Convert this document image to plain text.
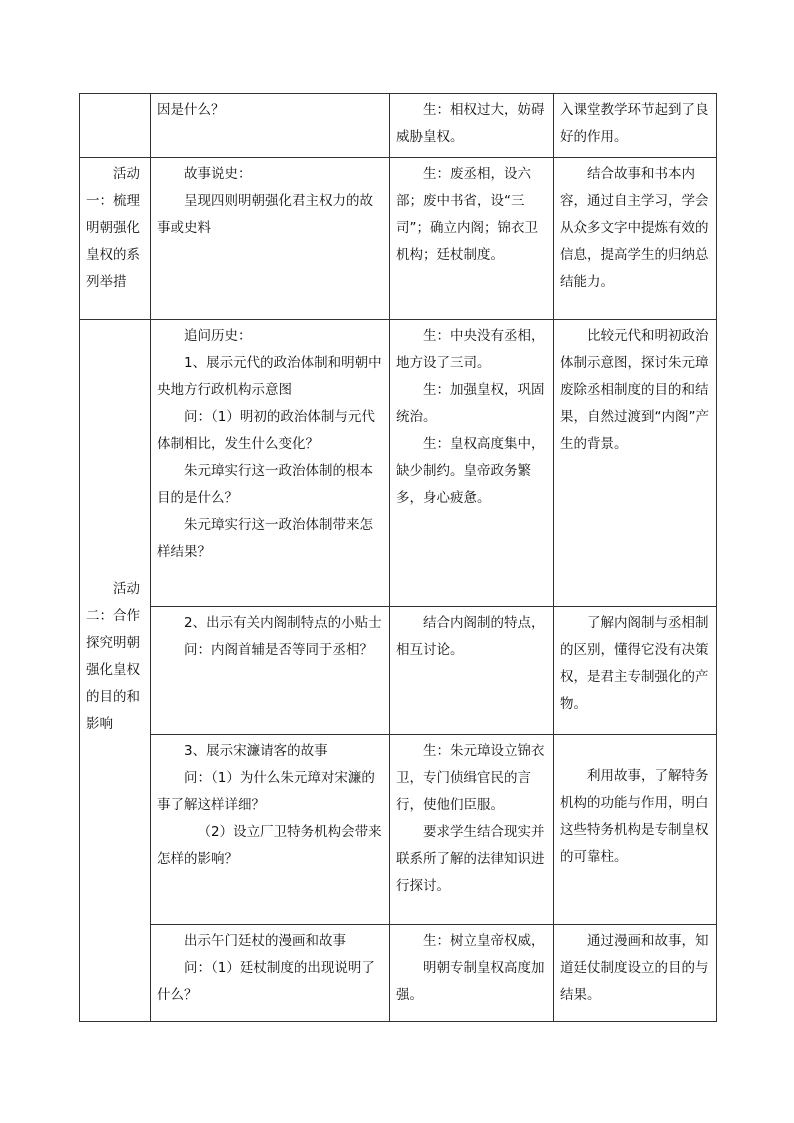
	因是什么？	生：相权过大，妨碍威胁皇权。	入课堂教学环节起到了良好的作用。

活动一：梳理明朝强化皇权的系列举措	故事说史：
呈现四则明朝强化君主权力的故事或史料	生：废丞相，设六部；废中书省，设“三司”；确立内阁；锦衣卫机构；廷杖制度。	结合故事和书本内容，通过自主学习，学会从众多文字中提炼有效的信息，提高学生的归纳总结能力。

活动二：合作探究明朝强化皇权的目的和影响	追问历史：
1、展示元代的政治体制和明朝中央地方行政机构示意图
问：（1）明初的政治体制与元代体制相比，发生什么变化？
朱元璋实行这一政治体制的根本目的是什么？
朱元璋实行这一政治体制带来怎样结果？	生：中央没有丞相，地方设了三司。
生：加强皇权，巩固统治。
生：皇权高度集中，缺少制约。皇帝政务繁多，身心疲惫。	比较元代和明初政治体制示意图，探讨朱元璋废除丞相制度的目的和结果，自然过渡到“内阁”产生的背景。

	2、出示有关内阁制特点的小贴士
问：内阁首辅是否等同于丞相？	结合内阁制的特点，相互讨论。	了解内阁制与丞相制的区别，懂得它没有决策权，是君主专制强化的产物。

	3、展示宋濂请客的故事
问：（1）为什么朱元璋对宋濂的事了解这样详细？
（2）设立厂卫特务机构会带来怎样的影响？	生：朱元璋设立锦衣卫，专门侦缉官民的言行，使他们臣服。
要求学生结合现实并联系所了解的法律知识进行探讨。	利用故事，了解特务机构的功能与作用，明白这些特务机构是专制皇权的可靠柱。

	出示午门廷杖的漫画和故事
问：（1）廷杖制度的出现说明了什么？	生：树立皇帝权威，
明朝专制皇权高度加强。	通过漫画和故事，知道廷仗制度设立的目的与结果。
